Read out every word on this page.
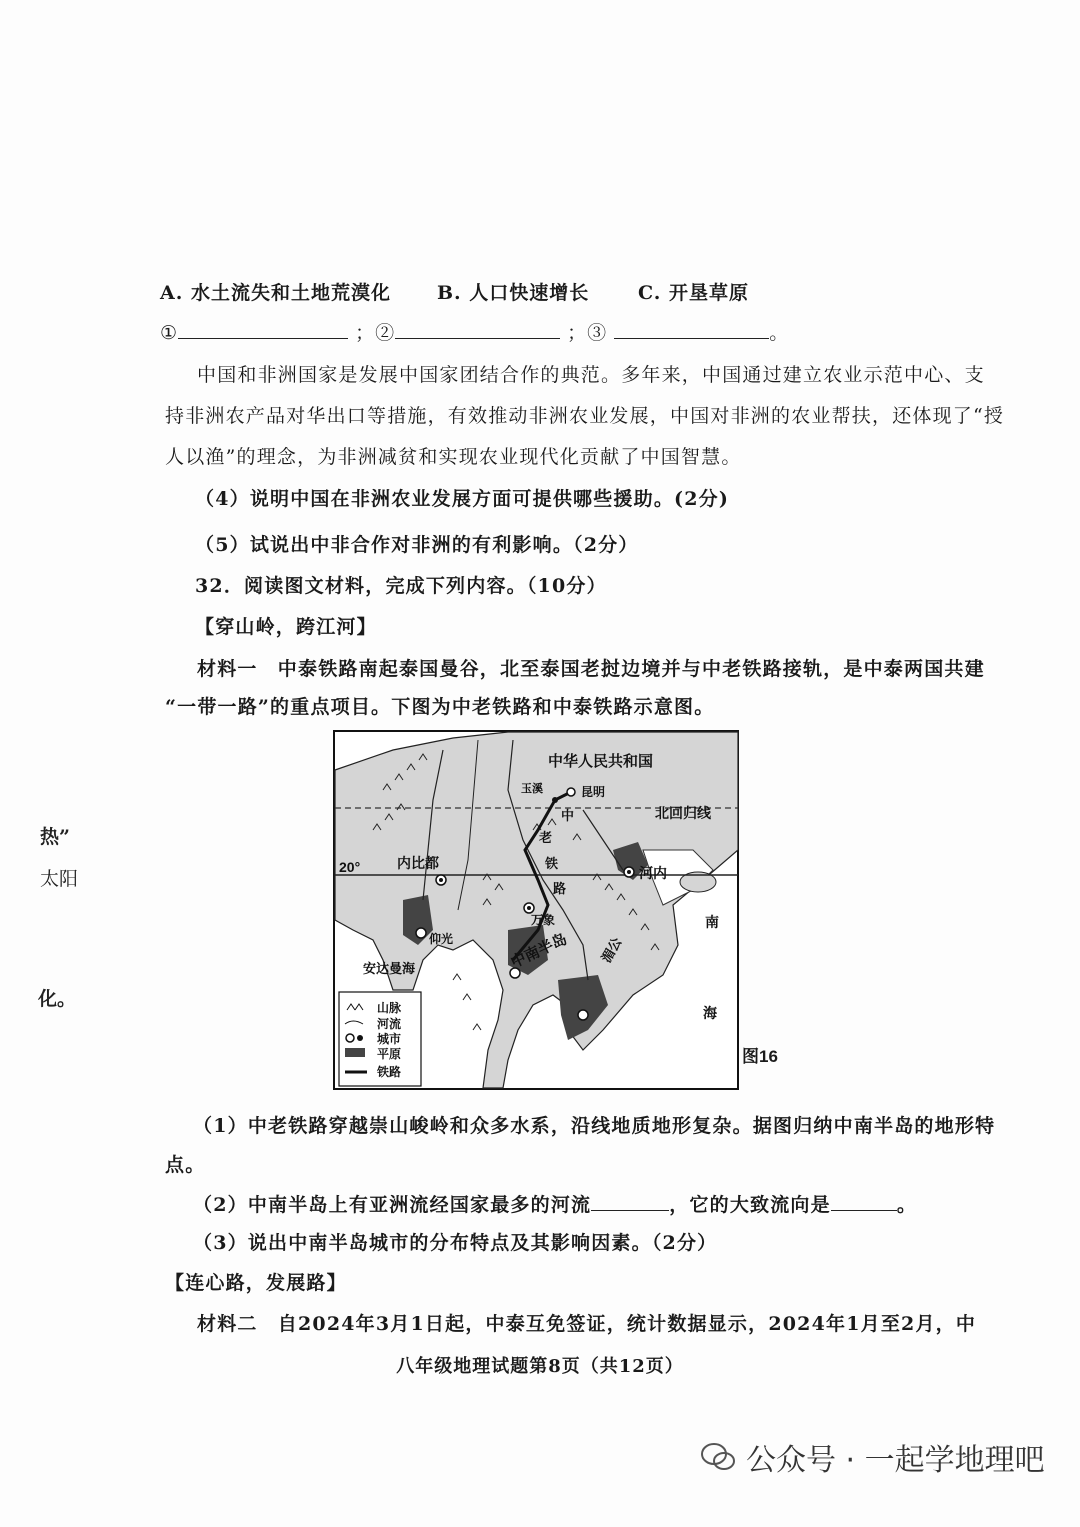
A. 水土流失和土地荒漠化 B. 人口快速增长	C. 开垦草原
①	；②	；③	。
中国和非洲国家是发展中国家团结合作的典范。多年来，中国通过建立农业示范中心、支
持非洲农产品对华出口等措施，有效推动非洲农业发展，中国对非洲的农业帮扶，还体现了“授
人以渔”的理念，为非洲减贫和实现农业现代化贡献了中国智慧。
（4）说明中国在非洲农业发展方面可提供哪些援助。(2分)
（5）试说出中非合作对非洲的有利影响。（2分）
32．阅读图文材料，完成下列内容。（10分）
【穿山岭，跨江河】
材料一　中泰铁路南起泰国曼谷，北至泰国老挝边境并与中老铁路接轨，是中泰两国共建
“一带一路”的重点项目。下图为中老铁路和中泰铁路示意图。
热”
太阳
化。
中华人民共和国
玉溪	昆明
中
老
铁
路
北回归线
20°	内比都
河内
万象
仰光	中南半岛 湄公
安达曼海
南
海
山脉
河流
城市
平原
铁路
图16
（1）中老铁路穿越崇山峻岭和众多水系，沿线地质地形复杂。据图归纳中南半岛的地形特
点。
（2）中南半岛上有亚洲流经国家最多的河流	，它的大致流向是	。
（3）说出中南半岛城市的分布特点及其影响因素。（2分）
【连心路，发展路】
材料二　自2024年3月1日起，中泰互免签证，统计数据显示，2024年1月至2月，中
八年级地理试题第8页（共12页）
公众号 · 一起学地理吧
